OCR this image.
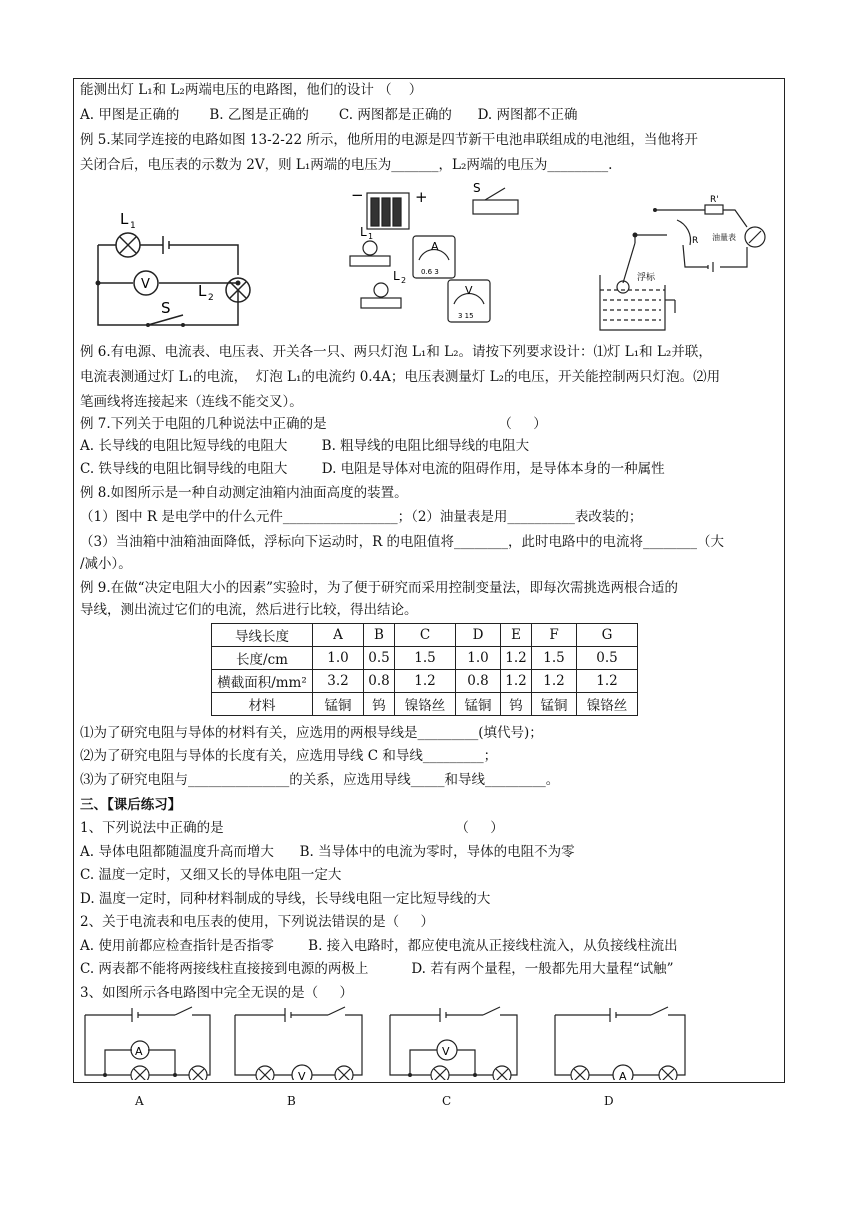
能测出灯 L₁和 L₂两端电压的电路图，他们的设计 （    ）
A. 甲图是正确的       B. 乙图是正确的       C. 两图都是正确的      D. 两图都不正确
例 5.某同学连接的电路如图 13-2-22 所示，他所用的电源是四节新干电池串联组成的电池组，当他将开
关闭合后，电压表的示数为 2V，则 L₁两端的电压为_______，L₂两端的电压为_________.
L 1
L 2
V
S
−	+	S
L 1
L 2
A
V
0.6 3
3 15
R'
R 油量表
浮标
例 6.有电源、电流表、电压表、开关各一只、两只灯泡 L₁和 L₂。请按下列要求设计：⑴灯 L₁和 L₂并联，
电流表测通过灯 L₁的电流，  灯泡 L₁的电流约 0.4A；电压表测量灯 L₂的电压，开关能控制两只灯泡。⑵用
笔画线将连接起来（连线不能交叉）。
例 7.下列关于电阻的几种说法中正确的是                                        （     ）
A. 长导线的电阻比短导线的电阻大        B. 粗导线的电阻比细导线的电阻大
C. 铁导线的电阻比铜导线的电阻大        D. 电阻是导体对电流的阻碍作用，是导体本身的一种属性
例 8.如图所示是一种自动测定油箱内油面高度的装置。
（1）图中 R 是电学中的什么元件_________________；（2）油量表是用__________表改装的；
（3）当油箱中油箱油面降低，浮标向下运动时，R 的电阻值将________，此时电路中的电流将________（大
/减小）。
例 9.在做“决定电阻大小的因素”实验时，为了便于研究而采用控制变量法，即每次需挑选两根合适的
导线，测出流过它们的电流，然后进行比较，得出结论。
导线长度	A	B	C	D	E	F	G
长度/cm	1.0	0.5	1.5	1.0	1.2	1.5	0.5
横截面积/mm²	3.2	0.8	1.2	0.8	1.2	1.2	1.2
材料	锰铜	钨	镍铬丝	锰铜	钨	锰铜	镍铬丝
⑴为了研究电阻与导体的材料有关，应选用的两根导线是_________(填代号)；
⑵为了研究电阻与导体的长度有关，应选用导线 C 和导线_________；
⑶为了研究电阻与_______________的关系，应选用导线_____和导线_________。
三、【课后练习】
1、下列说法中正确的是                                                      （     ）
A. 导体电阻都随温度升高而增大      B. 当导体中的电流为零时，导体的电阻不为零
C. 温度一定时，又细又长的导体电阻一定大
D. 温度一定时，同种材料制成的导线，长导线电阻一定比短导线的大
2、关于电流表和电压表的使用，下列说法错误的是（     ）
A. 使用前都应检查指针是否指零        B. 接入电路时，都应使电流从正接线柱流入，从负接线柱流出
C. 两表都不能将两接线柱直接接到电源的两极上          D. 若有两个量程，一般都先用大量程“试触”
3、如图所示各电路图中完全无误的是（     ）
A
V
V
A
A	B	C	D
